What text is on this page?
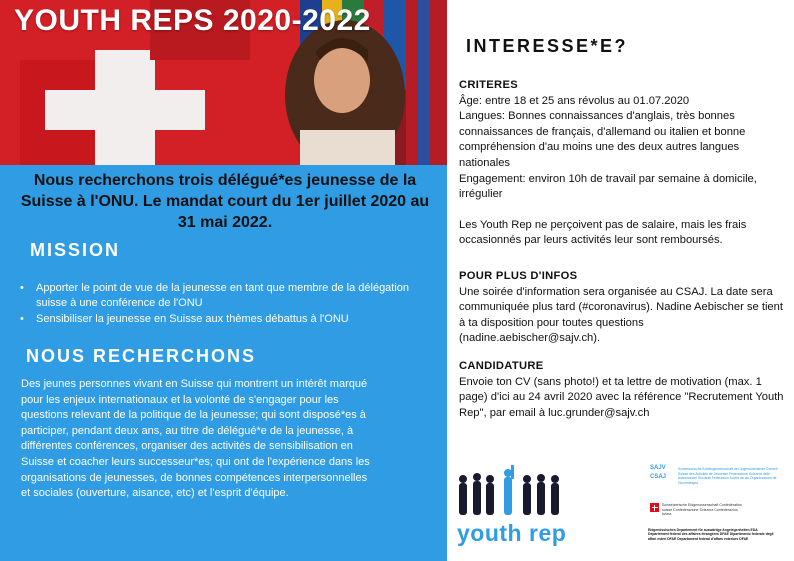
YOUTH REPS 2020-2022
Nous recherchons trois délégué*es jeunesse de la Suisse à l'ONU. Le mandat court du 1er juillet 2020 au 31 mai 2022.
MISSION
• Apporter le point de vue de la jeunesse en tant que membre de la délégation suisse à une conférence de l'ONU
• Sensibiliser la jeunesse en Suisse aux thèmes débattus à l'ONU
NOUS RECHERCHONS
Des jeunes personnes vivant en Suisse qui montrent un intérêt marqué pour les enjeux internationaux et la volonté de s'engager pour les questions relevant de la politique de la jeunesse; qui sont disposé*es à participer, pendant deux ans, au titre de délégué*e de la jeunesse, à différentes conférences, organiser des activités de sensibilisation en Suisse et coacher leurs successeur*es; qui ont de l'expérience dans les organisations de jeunesses, de bonnes compétences interpersonnelles et sociales (ouverture, aisance, etc) et l'esprit d'équipe.
INTERESSE*E?
CRITERES
Âge: entre 18 et 25 ans révolus au 01.07.2020
Langues: Bonnes connaissances d'anglais, très bonnes connaissances de français, d'allemand ou italien et bonne compréhension d'au moins une des deux autres langues nationales
Engagement: environ 10h de travail par semaine à domicile, irrégulier
Les Youth Rep ne perçoivent pas de salaire, mais les frais occasionnés par leurs activités leur sont remboursés.
POUR PLUS D'INFOS
Une soirée d'information sera organisée au CSAJ. La date sera communiquée plus tard (#coronavirus). Nadine Aebischer se tient à ta disposition pour toutes questions (nadine.aebischer@sajv.ch).
CANDIDATURE
Envoie ton CV (sans photo!) et ta lettre de motivation (max. 1 page) d'ici au 24 avril 2020 avec la référence "Recrutement Youth Rep", par email à luc.grunder@sajv.ch
youth rep
SAJV
CSAJ
Schweizerische Arbeitsgemeinschaft der Jugendverbände Conseil Suisse des Activités de Jeunesse Federazione Svizzera delle Associazioni Giovanili Federaziun Svizra da las Organisaziuns da Giuventetgna
Schweizerische Eidgenossenschaft Confédération suisse Confederazione Svizzera Confederaziun svizra
Eidgenössisches Departement für auswärtige Angelegenheiten EDA Département fédéral des affaires étrangères DFAE Dipartimento federale degli affari esteri DFAE Departament federal d'affars exteriurs DFAE
